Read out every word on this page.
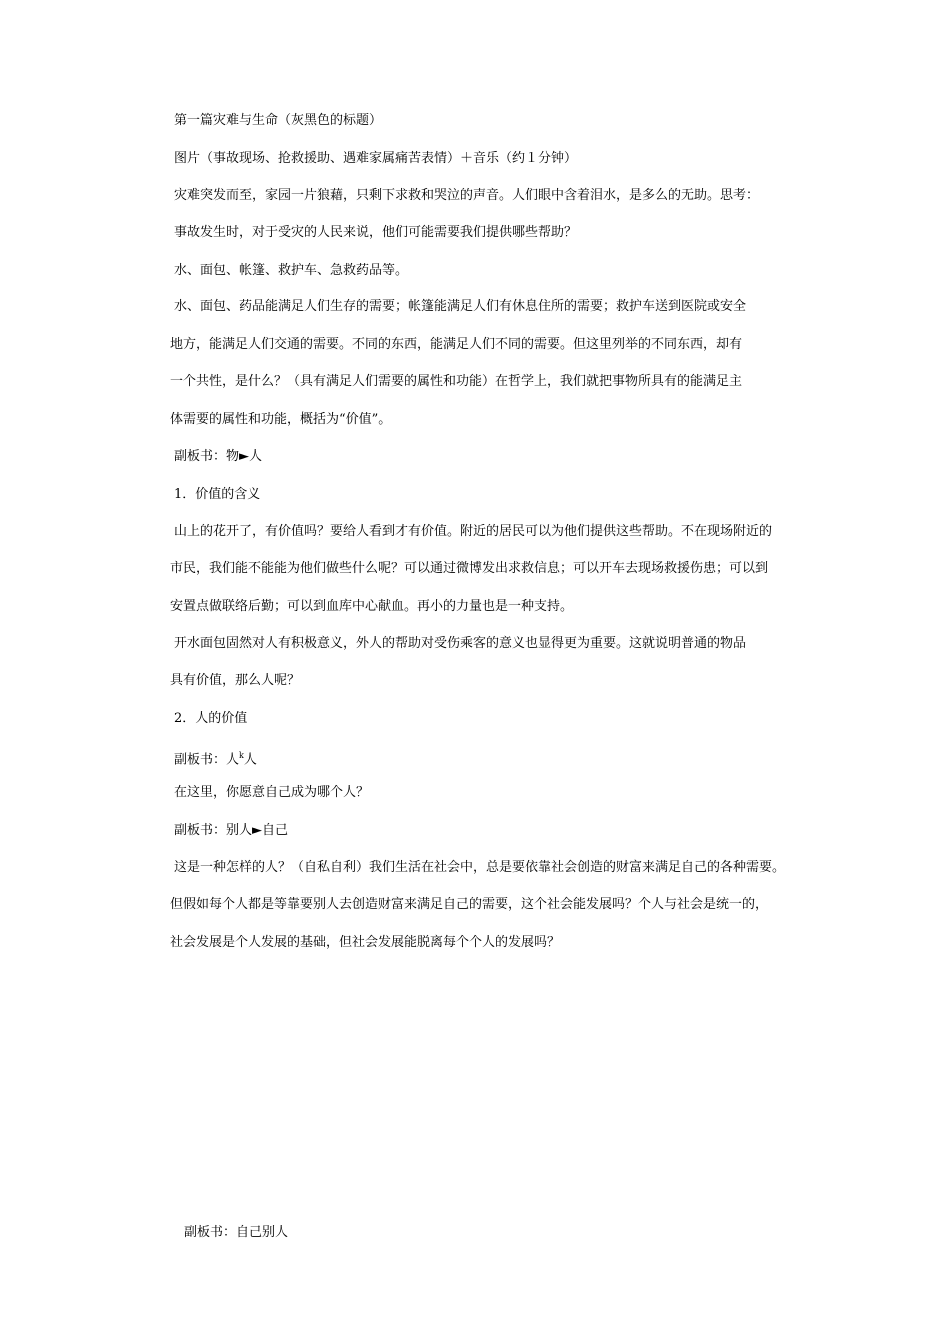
第一篇灾难与生命（灰黑色的标题）
图片（事故现场、抢救援助、遇难家属痛苦表情）＋音乐（约１分钟）
灾难突发而至，家园一片狼藉，只剩下求救和哭泣的声音。人们眼中含着泪水，是多么的无助。思考：
事故发生时，对于受灾的人民来说，他们可能需要我们提供哪些帮助？
水、面包、帐篷、救护车、急救药品等。
水、面包、药品能满足人们生存的需要；帐篷能满足人们有休息住所的需要；救护车送到医院或安全
地方，能满足人们交通的需要。不同的东西，能满足人们不同的需要。但这里列举的不同东西，却有
一个共性，是什么？（具有满足人们需要的属性和功能）在哲学上，我们就把事物所具有的能满足主
体需要的属性和功能，概括为“价值”。
副板书：物►人
1．价值的含义
山上的花开了，有价值吗？要给人看到才有价值。附近的居民可以为他们提供这些帮助。不在现场附近的
市民，我们能不能能为他们做些什么呢？可以通过微博发出求救信息；可以开车去现场救援伤患；可以到
安置点做联络后勤；可以到血库中心献血。再小的力量也是一种支持。
开水面包固然对人有积极意义，外人的帮助对受伤乘客的意义也显得更为重要。这就说明普通的物品
具有价值，那么人呢？
2．人的价值
副板书：人$^k$人
在这里，你愿意自己成为哪个人？
副板书：别人►自己
这是一种怎样的人？（自私自利）我们生活在社会中，总是要依靠社会创造的财富来满足自己的各种需要。
但假如每个人都是等靠要别人去创造财富来满足自己的需要，这个社会能发展吗？个人与社会是统一的，
社会发展是个人发展的基础，但社会发展能脱离每个个人的发展吗？
副板书：自己别人
